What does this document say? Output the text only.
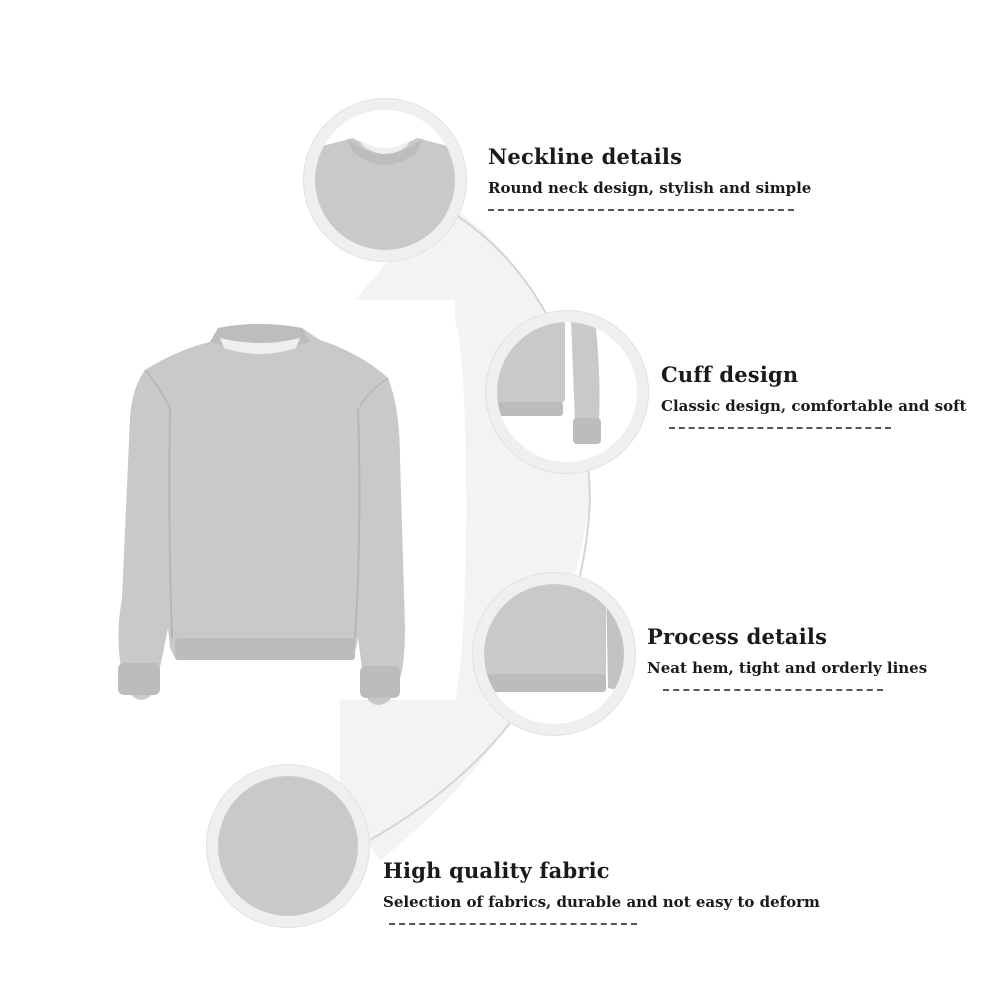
Neckline details
Round neck design, stylish and simple
Cuff design
Classic design, comfortable and soft
Process details
Neat hem, tight and orderly lines
High quality fabric
Selection of fabrics, durable and not easy to deform
